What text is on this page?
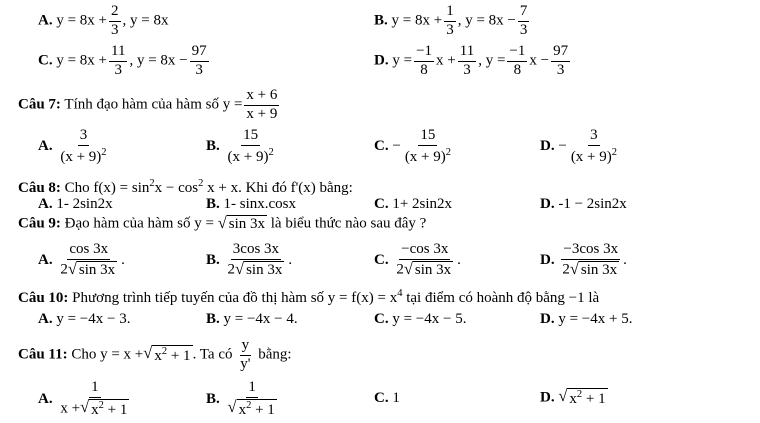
A. $y = 8x + \frac{2}{3}$ , y = 8x	B. $y = 8x + \frac{1}{3}$ , $y = 8x - \frac{7}{3}$
C. $y = 8x + \frac{11}{3}$ , $y = 8x - \frac{97}{3}$	D. $y = \frac{-1}{8}$ $x + \frac{11}{3}$ , $y = \frac{-1}{8}$ $x - \frac{97}{3}$
Câu 7: Tính đạo hàm của hàm số $y = \frac{x + 6}{x + 9}$
A. $\frac{3}{(x + 9)^2}$	B. $\frac{15}{(x + 9)^2}$	C. − $\frac{15}{(x + 9)^2}$	D. − $\frac{3}{(x + 9)^2}$
Câu 8: Cho $f(x) = \sin^2x - \cos^2 x + x$. Khi đó f'(x) bằng:
A. 1- 2sin2x	B. 1- sinx.cosx	C. 1+ 2sin2x	D. -1 − 2sin2x
Câu 9: Đạo hàm của hàm số y = √ sin 3x là biểu thức nào sau đây ?
A. $\frac{\cos 3x}{2 √ \sin 3x}$ .	B. $\frac{3\cos 3x}{2 √ \sin 3x}$ .	C. $\frac{-\cos 3x}{2 √ \sin 3x}$ .	D. $\frac{-3\cos 3x}{2 √ \sin 3x}$ .
Câu 10: Phương trình tiếp tuyến của đồ thị hàm số $y = f(x) = x^4$ tại điểm có hoành độ bằng −1 là
A. y = −4x − 3.	B. y = −4x − 4.	C. y = −4x − 5.	D. y = −4x + 5.
Câu 11: Cho y = x + √ $x^2 + 1$ . Ta có $\frac{y}{y'}$ bằng:
A. $\frac{1}{x + √ x^2 + 1}$	B. $\frac{1}{√ x^2 + 1}$	C. 1	D. √ $x^2 + 1$
